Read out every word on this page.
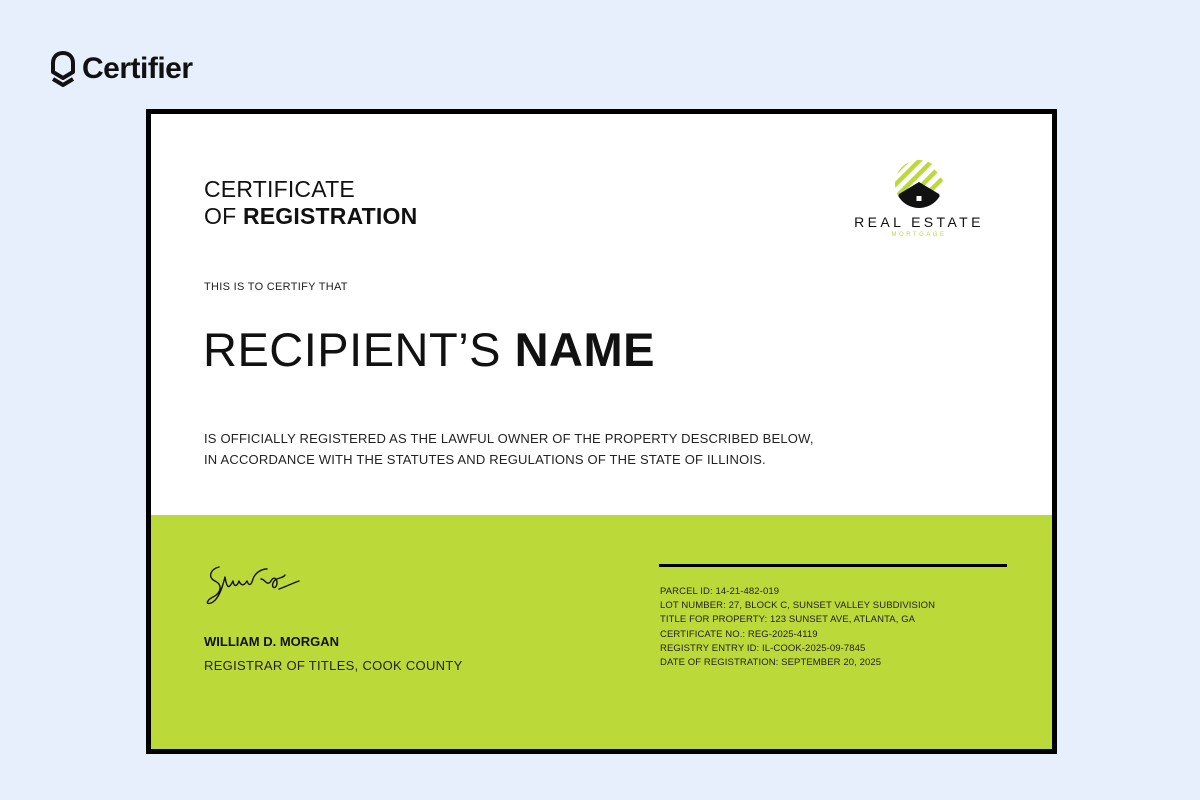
Certifier
CERTIFICATE
OF REGISTRATION	REAL ESTATE
MORTGAGE
THIS IS TO CERTIFY THAT
RECIPIENT’S NAME
IS OFFICIALLY REGISTERED AS THE LAWFUL OWNER OF THE PROPERTY DESCRIBED BELOW,
IN ACCORDANCE WITH THE STATUTES AND REGULATIONS OF THE STATE OF ILLINOIS.
WILLIAM D. MORGAN
REGISTRAR OF TITLES, COOK COUNTY
PARCEL ID: 14-21-482-019
LOT NUMBER: 27, BLOCK C, SUNSET VALLEY SUBDIVISION
TITLE FOR PROPERTY: 123 SUNSET AVE, ATLANTA, GA
CERTIFICATE NO.: REG-2025-4119
REGISTRY ENTRY ID: IL-COOK-2025-09-7845
DATE OF REGISTRATION: SEPTEMBER 20, 2025
